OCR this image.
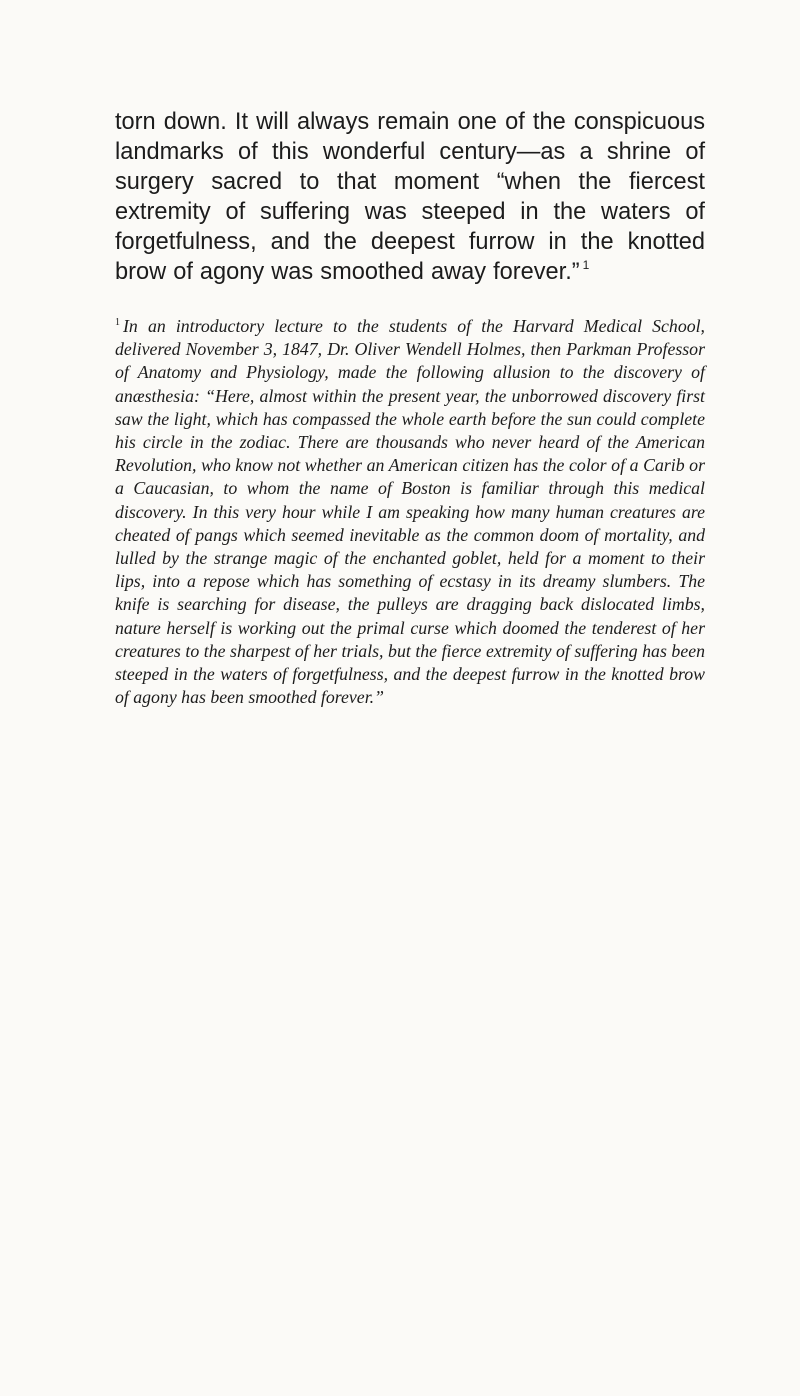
torn down. It will always remain one of the conspicuous landmarks of this wonderful century—as a shrine of surgery sacred to that moment “when the fiercest extremity of suffering was steeped in the waters of forgetfulness, and the deepest furrow in the knotted brow of agony was smoothed away forever.” $^1$

$^1$ In an introductory lecture to the students of the Harvard Medical School, delivered November 3, 1847, Dr. Oliver Wendell Holmes, then Parkman Professor of Anatomy and Physiology, made the following allusion to the discovery of anæsthesia: “Here, almost within the present year, the unborrowed discovery first saw the light, which has compassed the whole earth before the sun could complete his circle in the zodiac. There are thousands who never heard of the American Revolution, who know not whether an American citizen has the color of a Carib or a Caucasian, to whom the name of Boston is familiar through this medical discovery. In this very hour while I am speaking how many human creatures are cheated of pangs which seemed inevitable as the common doom of mortality, and lulled by the strange magic of the enchanted goblet, held for a moment to their lips, into a repose which has something of ecstasy in its dreamy slumbers. The knife is searching for disease, the pulleys are dragging back dislocated limbs, nature herself is working out the primal curse which doomed the tenderest of her creatures to the sharpest of her trials, but the fierce extremity of suffering has been steeped in the waters of forgetfulness, and the deepest furrow in the knotted brow of agony has been smoothed forever.”
